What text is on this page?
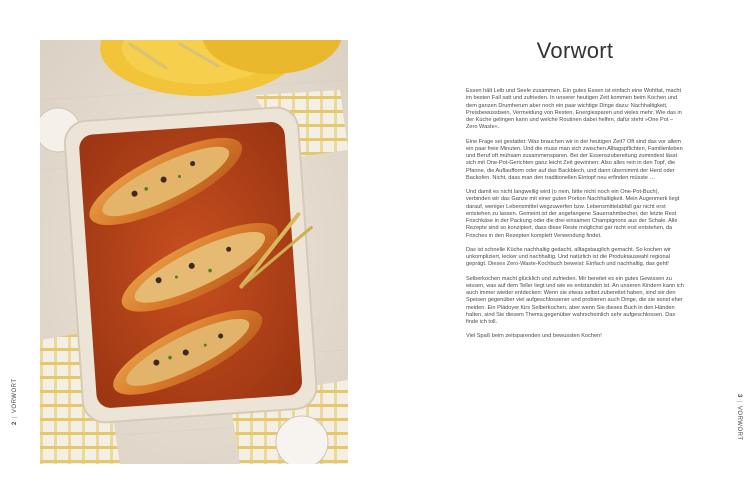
2|VORWORT	3|VORWORT
Vorwort

Essen hält Leib und Seele zusammen. Ein gutes Essen ist einfach eine Wohltat, macht im besten Fall satt und zufrieden. In unserer heutigen Zeit kommen beim Kochen und dem ganzen Drumherum aber noch ein paar wichtige Dinge dazu: Nachhaltigkeit, Preisbewusstsein, Vermeidung von Resten, Energiesparen und vieles mehr. Wie das in der Küche gelingen kann und welche Routinen dabei helfen, dafür steht »One Pot – Zero Waste«.

Eine Frage sei gestattet: Was brauchen wir in der heutigen Zeit? Oft sind das vor allem ein paar freie Minuten. Und die muss man sich zwischen Alltagspflichten, Familienleben und Beruf oft mühsam zusammensparen. Bei der Essenszubereitung zumindest lässt sich mit One-Pot-Gerichten ganz leicht Zeit gewinnen: Also alles rein in den Topf, die Pfanne, die Auflaufform oder auf das Backblech, und dann übernimmt der Herd oder Backofen. Nicht, dass man den traditionellen Eintopf neu erfinden müsste …

Und damit es nicht langweilig wird (o nein, bitte nicht noch ein One-Pot-Buch), verbinden wir das Ganze mit einer guten Portion Nachhaltigkeit. Mein Augenmerk liegt darauf, weniger Lebensmittel wegzuwerfen bzw. Lebensmittelabfall gar nicht erst entstehen zu lassen. Gemeint ist der angefangene Sauerrahmbecher, der letzte Rest Frischkäse in der Packung oder die drei einsamen Champignons aus der Schale. Alle Rezepte sind so konzipiert, dass diese Reste möglichst gar nicht erst entstehen, da Frisches in den Rezepten komplett Verwendung findet.

Das ist schnelle Küche nachhaltig gedacht, alltagstauglich gemacht. So kochen wir unkompliziert, lecker und nachhaltig. Und natürlich ist die Produktauswahl regional geprägt. Dieses Zero-Waste-Kochbuch beweist: Einfach und nachhaltig, das geht!

Selberkochen macht glücklich und zufrieden. Mir bereitet es ein gutes Gewissen zu wissen, was auf dem Teller liegt und wie es entstanden ist. An unseren Kindern kann ich auch immer wieder entdecken: Wenn sie etwas selbst zubereitet haben, sind sie den Speisen gegenüber viel aufgeschlossener und probieren auch Dinge, die sie sonst eher meiden. Ein Plädoyer fürs Selberkochen, aber wenn Sie dieses Buch in den Händen halten, sind Sie diesem Thema gegenüber wahrscheinlich sehr aufgeschlossen. Das finde ich toll.

Viel Spaß beim zeitsparenden und bewussten Kochen!
